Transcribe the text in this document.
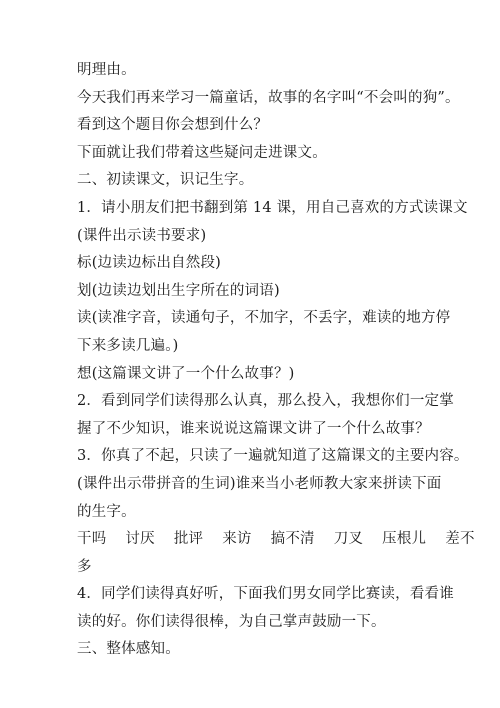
明理由。
今天我们再来学习一篇童话，故事的名字叫“不会叫的狗”。
看到这个题目你会想到什么？
下面就让我们带着这些疑问走进课文。
二、初读课文，识记生字。
1．请小朋友们把书翻到第 14 课，用自己喜欢的方式读课文
(课件出示读书要求)
标(边读边标出自然段)
划(边读边划出生字所在的词语)
读(读准字音，读通句子，不加字，不丢字，难读的地方停
下来多读几遍。)
想(这篇课文讲了一个什么故事？)
2．看到同学们读得那么认真，那么投入，我想你们一定掌
握了不少知识，谁来说说这篇课文讲了一个什么故事？
3．你真了不起，只读了一遍就知道了这篇课文的主要内容。
(课件出示带拼音的生词)谁来当小老师教大家来拼读下面
的生字。
干吗 讨厌 批评 来访 搞不清 刀叉 压根儿 差不
多
4．同学们读得真好听，下面我们男女同学比赛读，看看谁
读的好。你们读得很棒，为自己掌声鼓励一下。
三、整体感知。
